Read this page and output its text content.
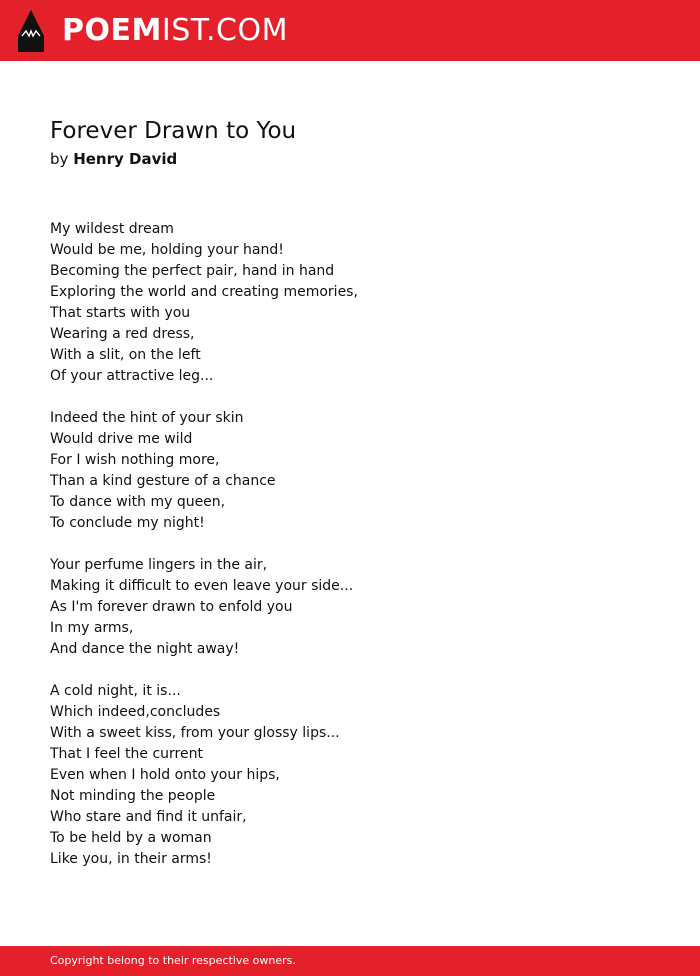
POEMIST.COM
Forever Drawn to You
by Henry David
My wildest dream
Would be me, holding your hand!
Becoming the perfect pair, hand in hand
Exploring the world and creating memories,
That starts with you
Wearing a red dress,
With a slit, on the left
Of your attractive leg...
Indeed the hint of your skin
Would drive me wild
For I wish nothing more,
Than a kind gesture of a chance
To dance with my queen,
To conclude my night!
Your perfume lingers in the air,
Making it difficult to even leave your side...
As I'm forever drawn to enfold you
In my arms,
And dance the night away!
A cold night, it is...
Which indeed,concludes
With a sweet kiss, from your glossy lips...
That I feel the current
Even when I hold onto your hips,
Not minding the people
Who stare and find it unfair,
To be held by a woman
Like you, in their arms!
Copyright belong to their respective owners.
